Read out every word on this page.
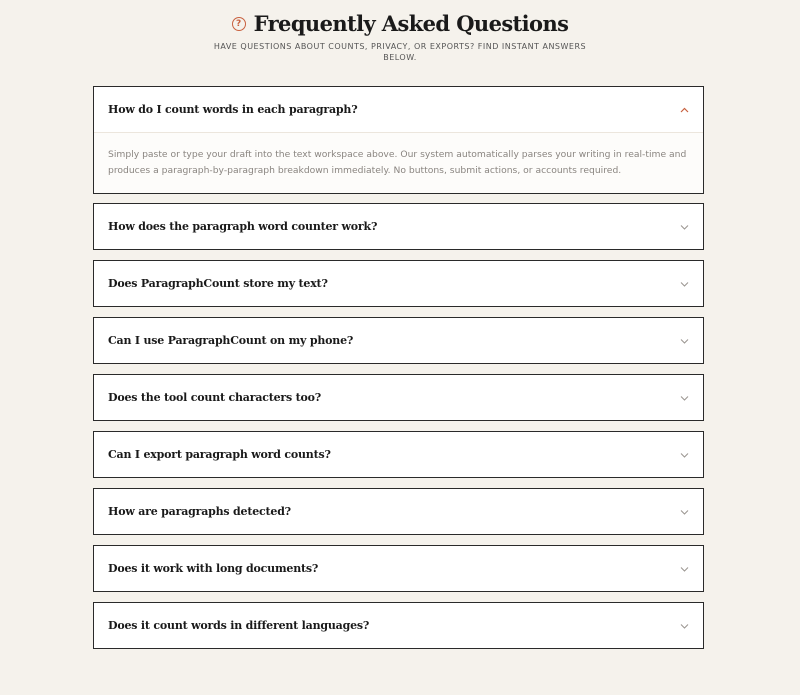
? Frequently Asked Questions
HAVE QUESTIONS ABOUT COUNTS, PRIVACY, OR EXPORTS? FIND INSTANT ANSWERS BELOW.
How do I count words in each paragraph?
Simply paste or type your draft into the text workspace above. Our system automatically parses your writing in real-time and produces a paragraph-by-paragraph breakdown immediately. No buttons, submit actions, or accounts required.
How does the paragraph word counter work?
Does ParagraphCount store my text?
Can I use ParagraphCount on my phone?
Does the tool count characters too?
Can I export paragraph word counts?
How are paragraphs detected?
Does it work with long documents?
Does it count words in different languages?
